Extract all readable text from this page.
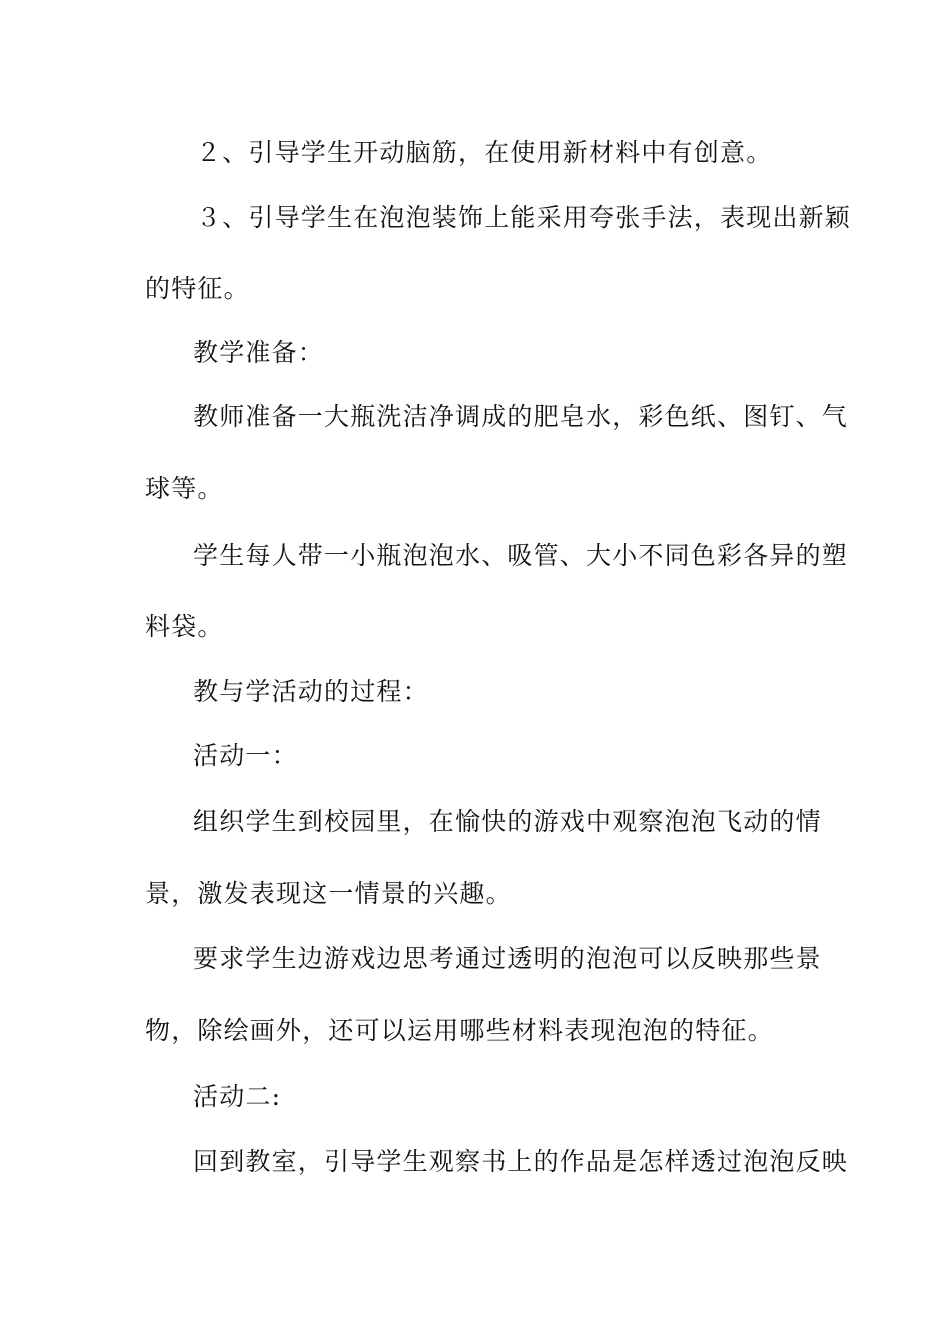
２、引导学生开动脑筋，在使用新材料中有创意。
３、引导学生在泡泡装饰上能采用夸张手法，表现出新颖
的特征。
教学准备：
教师准备一大瓶洗洁净调成的肥皂水，彩色纸、图钉、气
球等。
学生每人带一小瓶泡泡水、吸管、大小不同色彩各异的塑
料袋。
教与学活动的过程：
活动一：
组织学生到校园里，在愉快的游戏中观察泡泡飞动的情
景，激发表现这一情景的兴趣。
要求学生边游戏边思考通过透明的泡泡可以反映那些景
物，除绘画外，还可以运用哪些材料表现泡泡的特征。
活动二:
回到教室，引导学生观察书上的作品是怎样透过泡泡反映
